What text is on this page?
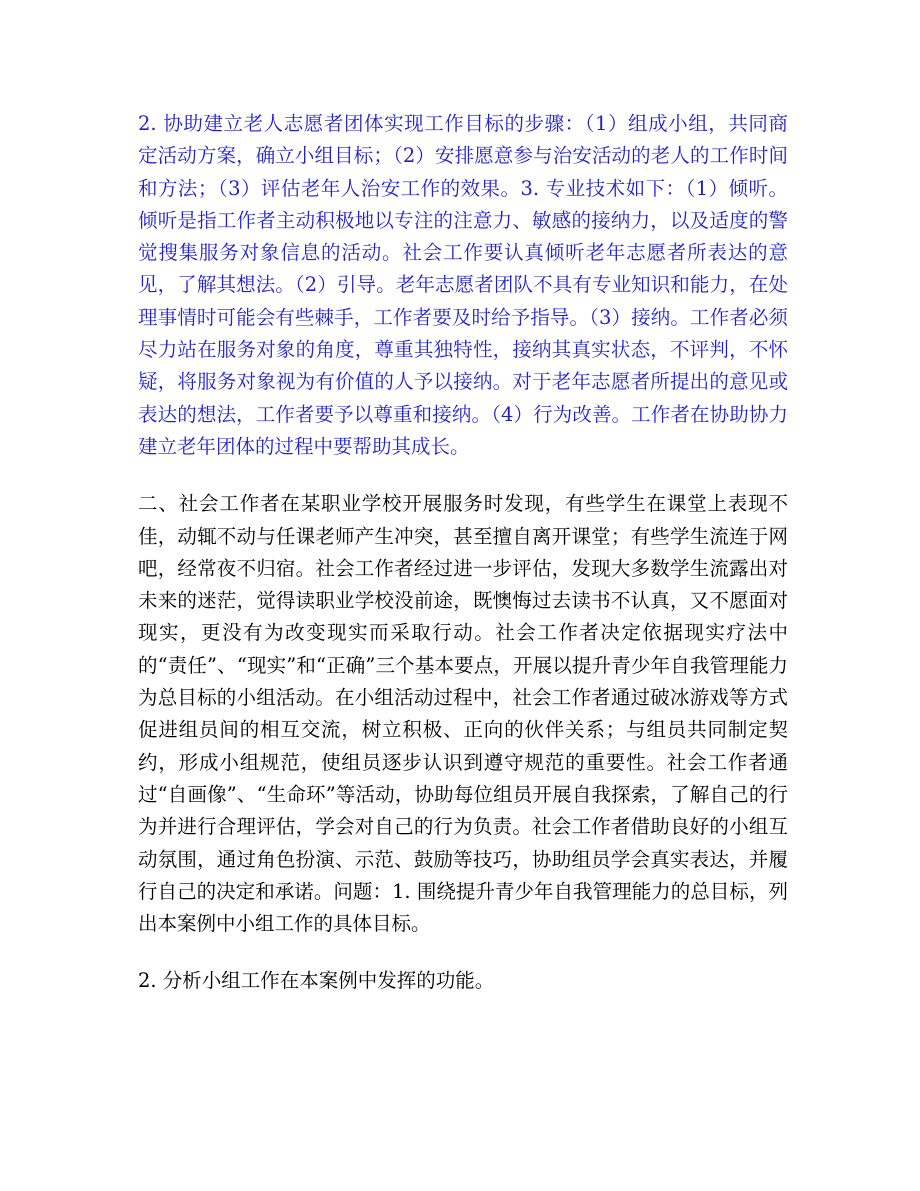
2. 协助建立老人志愿者团体实现工作目标的步骤：（1）组成小组，共同商定活动方案，确立小组目标；（2）安排愿意参与治安活动的老人的工作时间和方法；（3）评估老年人治安工作的效果。3. 专业技术如下：（1）倾听。倾听是指工作者主动积极地以专注的注意力、敏感的接纳力，以及适度的警觉搜集服务对象信息的活动。社会工作要认真倾听老年志愿者所表达的意见，了解其想法。（2）引导。老年志愿者团队不具有专业知识和能力，在处理事情时可能会有些棘手，工作者要及时给予指导。（3）接纳。工作者必须尽力站在服务对象的角度，尊重其独特性，接纳其真实状态，不评判，不怀疑，将服务对象视为有价值的人予以接纳。对于老年志愿者所提出的意见或表达的想法，工作者要予以尊重和接纳。（4）行为改善。工作者在协助协力建立老年团体的过程中要帮助其成长。

二、社会工作者在某职业学校开展服务时发现，有些学生在课堂上表现不佳，动辄不动与任课老师产生冲突，甚至擅自离开课堂；有些学生流连于网吧，经常夜不归宿。社会工作者经过进一步评估，发现大多数学生流露出对未来的迷茫，觉得读职业学校没前途，既懊悔过去读书不认真，又不愿面对现实，更没有为改变现实而采取行动。社会工作者决定依据现实疗法中的“责任”、“现实”和“正确”三个基本要点，开展以提升青少年自我管理能力为总目标的小组活动。在小组活动过程中，社会工作者通过破冰游戏等方式促进组员间的相互交流，树立积极、正向的伙伴关系；与组员共同制定契约，形成小组规范，使组员逐步认识到遵守规范的重要性。社会工作者通过“自画像”、“生命环”等活动，协助每位组员开展自我探索，了解自己的行为并进行合理评估，学会对自己的行为负责。社会工作者借助良好的小组互动氛围，通过角色扮演、示范、鼓励等技巧，协助组员学会真实表达，并履行自己的决定和承诺。问题：1. 围绕提升青少年自我管理能力的总目标，列出本案例中小组工作的具体目标。

2. 分析小组工作在本案例中发挥的功能。
